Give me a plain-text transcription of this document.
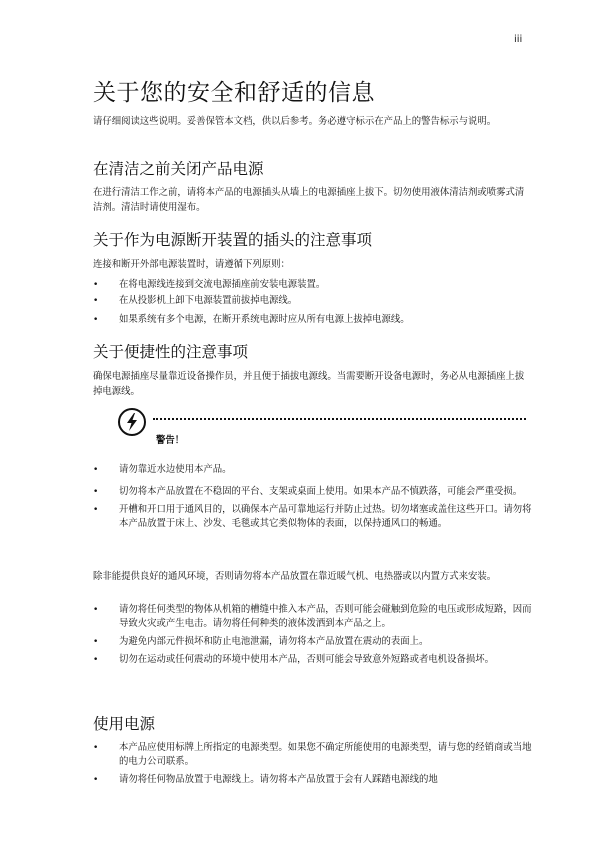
iii
关于您的安全和舒适的信息

请仔细阅读这些说明。妥善保管本文档，供以后参考。务必遵守标示在产品上的警告标示与说明。

在清洁之前关闭产品电源

在进行清洁工作之前，请将本产品的电源插头从墙上的电源插座上拔下。切勿使用液体清洁剂或喷雾式清洁剂。清洁时请使用湿布。

关于作为电源断开装置的插头的注意事项

连接和断开外部电源装置时，请遵循下列原则：

• 在将电源线连接到交流电源插座前安装电源装置。
• 在从投影机上卸下电源装置前拔掉电源线。
• 如果系统有多个电源，在断开系统电源时应从所有电源上拔掉电源线。
关于便捷性的注意事项

确保电源插座尽量靠近设备操作员，并且便于插拔电源线。当需要断开设备电源时，务必从电源插座上拔掉电源线。

警告！
• 请勿靠近水边使用本产品。
• 切勿将本产品放置在不稳固的平台、支架或桌面上使用。如果本产品不慎跌落，可能会严重受损。
• 开槽和开口用于通风目的，以确保本产品可靠地运行并防止过热。切勿堵塞或盖住这些开口。请勿将本产品放置于床上、沙发、毛毯或其它类似物体的表面，以保持通风口的畅通。

除非能提供良好的通风环境，否则请勿将本产品放置在靠近暖气机、电热器或以内置方式来安装。

• 请勿将任何类型的物体从机箱的槽缝中推入本产品，否则可能会碰触到危险的电压或形成短路，因而导致火灾或产生电击。请勿将任何种类的液体泼洒到本产品之上。
• 为避免内部元件损坏和防止电池泄漏，请勿将本产品放置在震动的表面上。
• 切勿在运动或任何震动的环境中使用本产品，否则可能会导致意外短路或者电机设备损坏。
使用电源
• 本产品应使用标牌上所指定的电源类型。如果您不确定所能使用的电源类型，请与您的经销商或当地的电力公司联系。
• 请勿将任何物品放置于电源线上。请勿将本产品放置于会有人踩踏电源线的地
